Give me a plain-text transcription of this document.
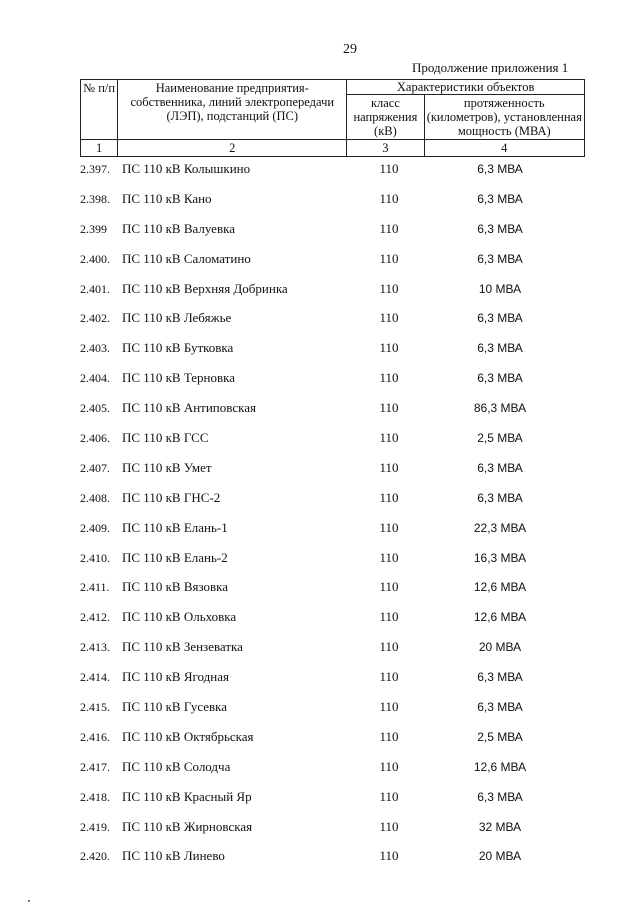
29
Продолжение приложения 1
№ п/п	Наименование предприятия-собственника, линий электропередачи (ЛЭП), подстанций (ПС)	Характеристики объектов	
		класс напряжения (кВ)	протяженность (километров), установленная мощность (МВА)
1	2	3	4
2.397. ПС 110 кВ Колышкино	110	6,3 МВА
2.398. ПС 110 кВ Кано	110	6,3 МВА
2.399	ПС 110 кВ Валуевка	110	6,3 МВА
2.400. ПС 110 кВ Саломатино	110	6,3 МВА
2.401. ПС 110 кВ Верхняя Добринка	110	10 МВА
2.402. ПС 110 кВ Лебяжье	110	6,3 МВА
2.403. ПС 110 кВ Бутковка	110	6,3 МВА
2.404. ПС 110 кВ Терновка	110	6,3 МВА
2.405. ПС 110 кВ Антиповская	110	86,3 МВА
2.406. ПС 110 кВ ГСС	110	2,5 МВА
2.407. ПС 110 кВ Умет	110	6,3 МВА
2.408. ПС 110 кВ ГНС-2	110	6,3 МВА
2.409. ПС 110 кВ Елань-1	110	22,3 МВА
2.410. ПС 110 кВ Елань-2	110	16,3 МВА
2.411. ПС 110 кВ Вязовка	110	12,6 МВА
2.412. ПС 110 кВ Ольховка	110	12,6 МВА
2.413. ПС 110 кВ Зензеватка	110	20 МВА
2.414. ПС 110 кВ Ягодная	110	6,3 МВА
2.415. ПС 110 кВ Гусевка	110	6,3 МВА
2.416. ПС 110 кВ Октябрьская	110	2,5 МВА
2.417. ПС 110 кВ Солодча	110	12,6 МВА
2.418. ПС 110 кВ Красный Яр	110	6,3 МВА
2.419. ПС 110 кВ Жирновская	110	32 МВА
2.420. ПС 110 кВ Линево	110	20 МВА
